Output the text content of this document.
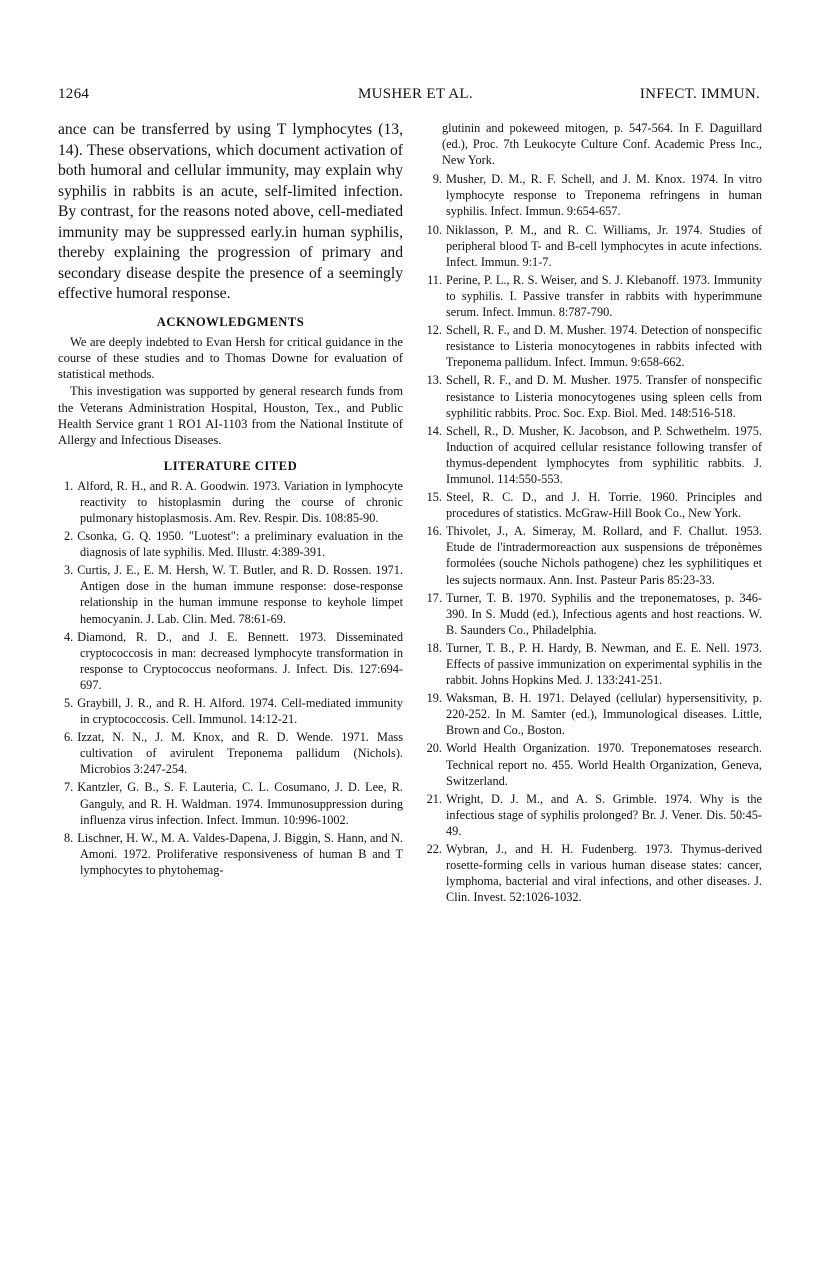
1264	MUSHER ET AL.	INFECT. IMMUN.

ance can be transferred by using T lymphocytes (13, 14). These observations, which document activation of both humoral and cellular immunity, may explain why syphilis in rabbits is an acute, self-limited infection. By contrast, for the reasons noted above, cell-mediated immunity may be suppressed early.in human syphilis, thereby explaining the progression of primary and secondary disease despite the presence of a seemingly effective humoral response.

ACKNOWLEDGMENTS

We are deeply indebted to Evan Hersh for critical guidance in the course of these studies and to Thomas Downe for evaluation of statistical methods.

This investigation was supported by general research funds from the Veterans Administration Hospital, Houston, Tex., and Public Health Service grant 1 RO1 AI-1103 from the National Institute of Allergy and Infectious Diseases.

LITERATURE CITED
1. Alford, R. H., and R. A. Goodwin. 1973. Variation in lymphocyte reactivity to histoplasmin during the course of chronic pulmonary histoplasmosis. Am. Rev. Respir. Dis. 108:85-90.
2. Csonka, G. Q. 1950. "Luotest": a preliminary evaluation in the diagnosis of late syphilis. Med. Illustr. 4:389-391.
3. Curtis, J. E., E. M. Hersh, W. T. Butler, and R. D. Rossen. 1971. Antigen dose in the human immune response: dose-response relationship in the human immune response to keyhole limpet hemocyanin. J. Lab. Clin. Med. 78:61-69.
4. Diamond, R. D., and J. E. Bennett. 1973. Disseminated cryptococcosis in man: decreased lymphocyte transformation in response to Cryptococcus neoformans. J. Infect. Dis. 127:694-697.
5. Graybill, J. R., and R. H. Alford. 1974. Cell-mediated immunity in cryptococcosis. Cell. Immunol. 14:12-21.
6. Izzat, N. N., J. M. Knox, and R. D. Wende. 1971. Mass cultivation of avirulent Treponema pallidum (Nichols). Microbios 3:247-254.
7. Kantzler, G. B., S. F. Lauteria, C. L. Cosumano, J. D. Lee, R. Ganguly, and R. H. Waldman. 1974. Immunosuppression during influenza virus infection. Infect. Immun. 10:996-1002.
8. Lischner, H. W., M. A. Valdes-Dapena, J. Biggin, S. Hann, and N. Amoni. 1972. Proliferative responsiveness of human B and T lymphocytes to phytohemag-
glutinin and pokeweed mitogen, p. 547-564. In F. Daguillard (ed.), Proc. 7th Leukocyte Culture Conf. Academic Press Inc., New York.
9. Musher, D. M., R. F. Schell, and J. M. Knox. 1974. In vitro lymphocyte response to Treponema refringens in human syphilis. Infect. Immun. 9:654-657.
10. Niklasson, P. M., and R. C. Williams, Jr. 1974. Studies of peripheral blood T- and B-cell lymphocytes in acute infections. Infect. Immun. 9:1-7.
11. Perine, P. L., R. S. Weiser, and S. J. Klebanoff. 1973. Immunity to syphilis. I. Passive transfer in rabbits with hyperimmune serum. Infect. Immun. 8:787-790.
12. Schell, R. F., and D. M. Musher. 1974. Detection of nonspecific resistance to Listeria monocytogenes in rabbits infected with Treponema pallidum. Infect. Immun. 9:658-662.
13. Schell, R. F., and D. M. Musher. 1975. Transfer of nonspecific resistance to Listeria monocytogenes using spleen cells from syphilitic rabbits. Proc. Soc. Exp. Biol. Med. 148:516-518.
14. Schell, R., D. Musher, K. Jacobson, and P. Schwethelm. 1975. Induction of acquired cellular resistance following transfer of thymus-dependent lymphocytes from syphilitic rabbits. J. Immunol. 114:550-553.
15. Steel, R. C. D., and J. H. Torrie. 1960. Principles and procedures of statistics. McGraw-Hill Book Co., New York.
16. Thivolet, J., A. Simeray, M. Rollard, and F. Challut. 1953. Etude de l'intradermoreaction aux suspensions de tréponèmes formolées (souche Nichols pathogene) chez les syphilitiques et les sujects normaux. Ann. Inst. Pasteur Paris 85:23-33.
17. Turner, T. B. 1970. Syphilis and the treponematoses, p. 346-390. In S. Mudd (ed.), Infectious agents and host reactions. W. B. Saunders Co., Philadelphia.
18. Turner, T. B., P. H. Hardy, B. Newman, and E. E. Nell. 1973. Effects of passive immunization on experimental syphilis in the rabbit. Johns Hopkins Med. J. 133:241-251.
19. Waksman, B. H. 1971. Delayed (cellular) hypersensitivity, p. 220-252. In M. Samter (ed.), Immunological diseases. Little, Brown and Co., Boston.
20. World Health Organization. 1970. Treponematoses research. Technical report no. 455. World Health Organization, Geneva, Switzerland.
21. Wright, D. J. M., and A. S. Grimble. 1974. Why is the infectious stage of syphilis prolonged? Br. J. Vener. Dis. 50:45-49.
22. Wybran, J., and H. H. Fudenberg. 1973. Thymus-derived rosette-forming cells in various human disease states: cancer, lymphoma, bacterial and viral infections, and other diseases. J. Clin. Invest. 52:1026-1032.
